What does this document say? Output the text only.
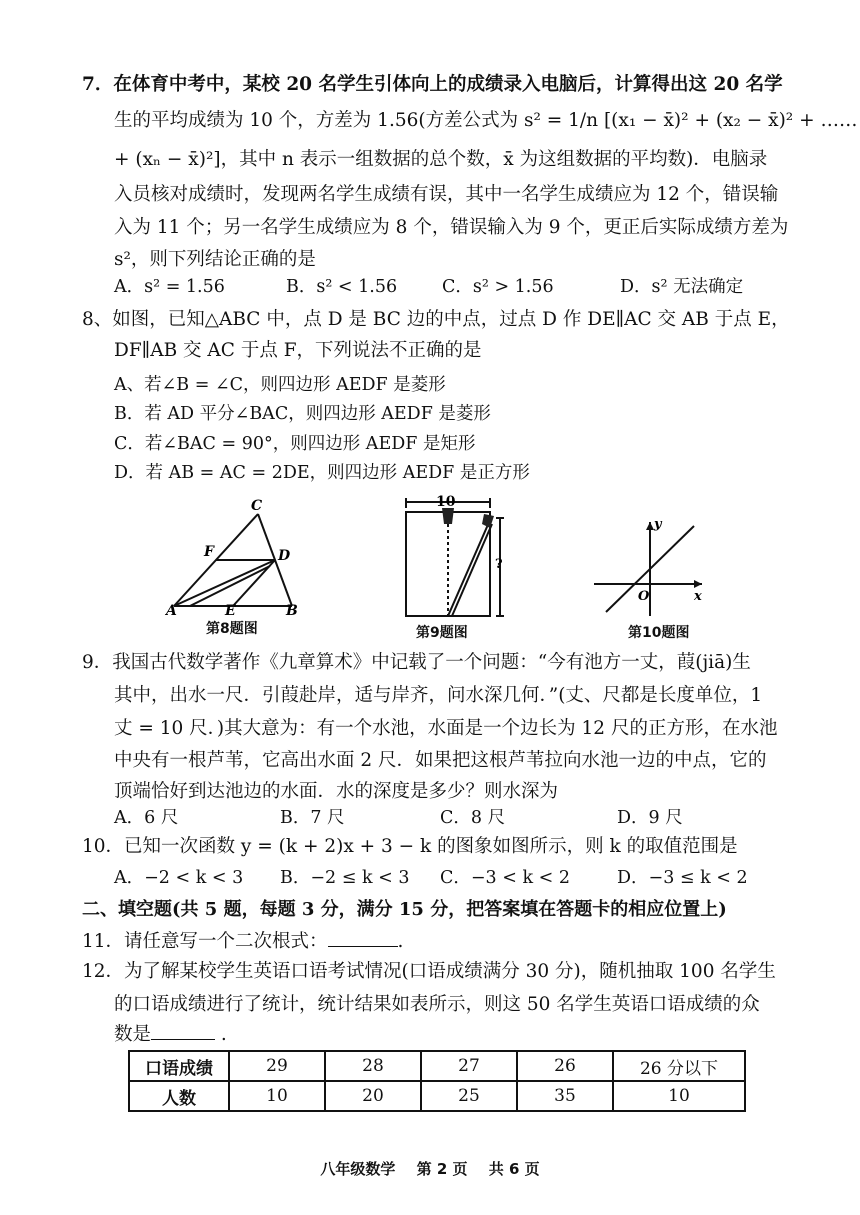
7．在体育中考中，某校 20 名学生引体向上的成绩录入电脑后，计算得出这 20 名学
生的平均成绩为 10 个，方差为 1.56(方差公式为 s² = 1/n [(x₁ − x̄)² + (x₂ − x̄)² + ……
+ (xₙ − x̄)²]，其中 n 表示一组数据的总个数，x̄ 为这组数据的平均数)．电脑录
入员核对成绩时，发现两名学生成绩有误，其中一名学生成绩应为 12 个，错误输
入为 11 个；另一名学生成绩应为 8 个，错误输入为 9 个，更正后实际成绩方差为
s²，则下列结论正确的是
A．s² = 1.56	B．s² < 1.56	C．s² > 1.56	D．s² 无法确定
8、如图，已知△ABC 中，点 D 是 BC 边的中点，过点 D 作 DE∥AC 交 AB 于点 E，
DF∥AB 交 AC 于点 F，下列说法不正确的是
A、若∠B = ∠C，则四边形 AEDF 是菱形
B．若 AD 平分∠BAC，则四边形 AEDF 是菱形
C．若∠BAC = 90°，则四边形 AEDF 是矩形
D．若 AB = AC = 2DE，则四边形 AEDF 是正方形
C
F	D
A	E	B
第8题图
10
?
第9题图
y
O	x
第10题图
9．我国古代数学著作《九章算术》中记载了一个问题：“今有池方一丈，葭(jiā)生
其中，出水一尺．引葭赴岸，适与岸齐，问水深几何．”(丈、尺都是长度单位，1
丈 = 10 尺．)其大意为：有一个水池，水面是一个边长为 12 尺的正方形，在水池
中央有一根芦苇，它高出水面 2 尺．如果把这根芦苇拉向水池一边的中点，它的
顶端恰好到达池边的水面．水的深度是多少？则水深为
A．6 尺	B．7 尺	C．8 尺	D．9 尺
10．已知一次函数 y = (k + 2)x + 3 − k 的图象如图所示，则 k 的取值范围是
A．−2 < k < 3 B．−2 ≤ k < 3 C．−3 < k < 2	D．−3 ≤ k < 2
二、填空题(共 5 题，每题 3 分，满分 15 分，把答案填在答题卡的相应位置上)
11．请任意写一个二次根式：	.
12．为了解某校学生英语口语考试情况(口语成绩满分 30 分)，随机抽取 100 名学生
的口语成绩进行了统计，统计结果如表所示，则这 50 名学生英语口语成绩的众
数是	.
口语成绩	29	28	27	26	26 分以下
人数	10	20	25	35	10
八年级数学 第 2 页 共 6 页
